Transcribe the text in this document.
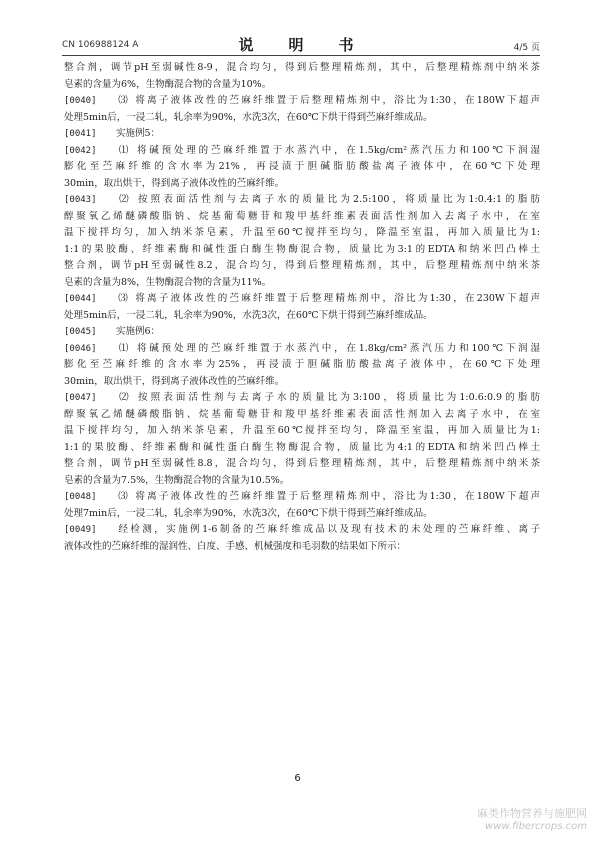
CN 106988124 A	说　明　书	4/5 页
整合剂，调节pH至弱碱性8-9，混合均匀，得到后整理精炼剂，其中，后整理精炼剂中纳米茶
皂素的含量为6%，生物酶混合物的含量为10%。
[0040] ⑶ 将离子液体改性的苎麻纤维置于后整理精炼剂中，浴比为1:30，在180W下超声
处理5min后，一浸二轧，轧余率为90%，水洗3次，在60℃下烘干得到苎麻纤维成品。
[0041] 实施例5：
[0042] ⑴ 将碱预处理的苎麻纤维置于水蒸汽中，在1.5kg/cm²蒸汽压力和100℃下润湿
膨化至苎麻纤维的含水率为21%，再浸渍于胆碱脂肪酸盐离子液体中，在60℃下处理
30min，取出烘干，得到离子液体改性的苎麻纤维。
[0043] ⑵ 按照表面活性剂与去离子水的质量比为2.5:100，将质量比为1:0.4:1的脂肪
醇聚氧乙烯醚磷酸脂钠、烷基葡萄糖苷和羧甲基纤维素表面活性剂加入去离子水中，在室
温下搅拌均匀，加入纳米茶皂素，升温至60℃搅拌至均匀，降温至室温，再加入质量比为1:
1:1的果胶酶、纤维素酶和碱性蛋白酶生物酶混合物，质量比为3:1的EDTA和纳米凹凸棒土
整合剂，调节pH至弱碱性8.2，混合均匀，得到后整理精炼剂，其中，后整理精炼剂中纳米茶
皂素的含量为8%，生物酶混合物的含量为11%。
[0044] ⑶ 将离子液体改性的苎麻纤维置于后整理精炼剂中，浴比为1:30，在230W下超声
处理5min后，一浸二轧，轧余率为90%，水洗3次，在60℃下烘干得到苎麻纤维成品。
[0045] 实施例6：
[0046] ⑴ 将碱预处理的苎麻纤维置于水蒸汽中，在1.8kg/cm²蒸汽压力和100℃下润湿
膨化至苎麻纤维的含水率为25%，再浸渍于胆碱脂肪酸盐离子液体中，在60℃下处理
30min，取出烘干，得到离子液体改性的苎麻纤维。
[0047] ⑵ 按照表面活性剂与去离子水的质量比为3:100，将质量比为1:0.6:0.9的脂肪
醇聚氧乙烯醚磷酸脂钠、烷基葡萄糖苷和羧甲基纤维素表面活性剂加入去离子水中，在室
温下搅拌均匀，加入纳米茶皂素，升温至60℃搅拌至均匀，降温至室温，再加入质量比为1:
1:1的果胶酶、纤维素酶和碱性蛋白酶生物酶混合物，质量比为4:1的EDTA和纳米凹凸棒土
整合剂，调节pH至弱碱性8.8，混合均匀，得到后整理精炼剂，其中，后整理精炼剂中纳米茶
皂素的含量为7.5%，生物酶混合物的含量为10.5%。
[0048] ⑶ 将离子液体改性的苎麻纤维置于后整理精炼剂中，浴比为1:30，在180W下超声
处理7min后，一浸二轧，轧余率为90%，水洗3次，在60℃下烘干得到苎麻纤维成品。
[0049] 经检测，实施例1-6制备的苎麻纤维成品以及现有技术的未处理的苎麻纤维、离子
液体改性的苎麻纤维的湿润性、白度、手感、机械强度和毛羽数的结果如下所示：
6
麻类作物营养与施肥网
www.fibercrops.com
